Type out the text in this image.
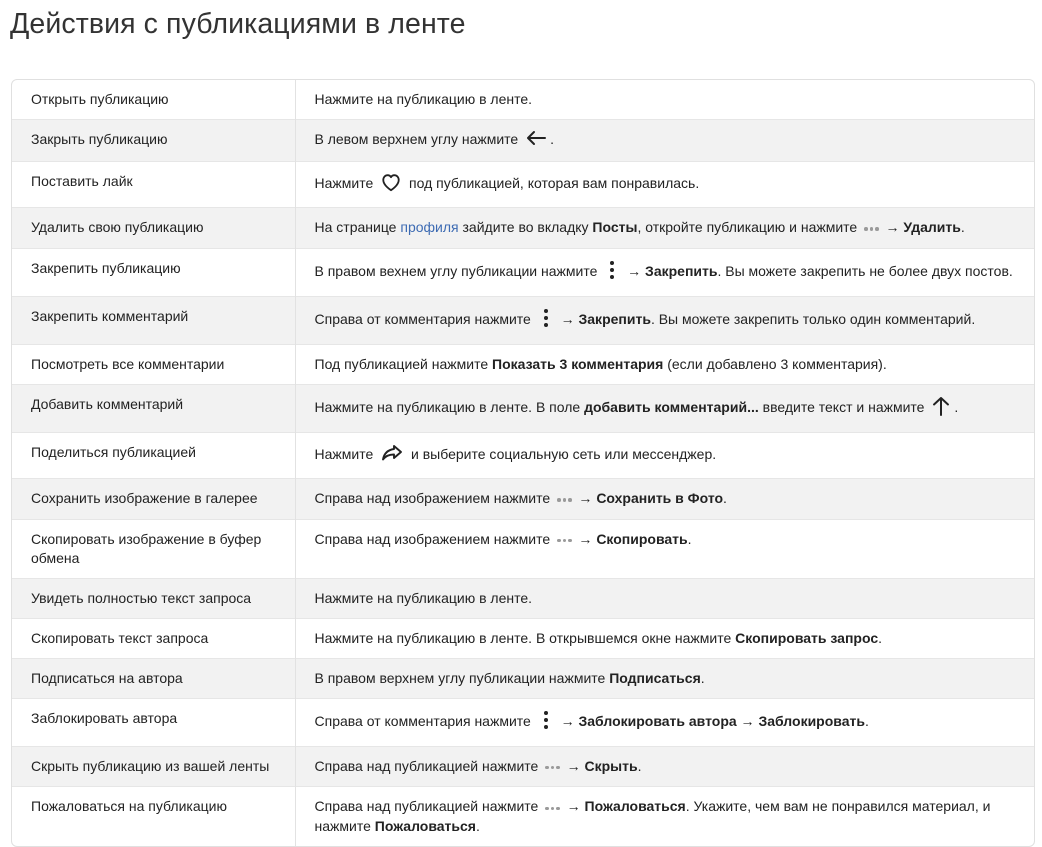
Действия с публикациями в ленте
Открыть публикацию	Нажмите на публикацию в ленте.
Закрыть публикацию	В левом верхнем углу нажмите .
Поставить лайк	Нажмите  под публикацией, которая вам понравилась.
Удалить свою публикацию	На странице профиля зайдите во вкладку Посты, откройте публикацию и нажмите  → Удалить.
Закрепить публикацию	В правом вехнем углу публикации нажмите  → Закрепить. Вы можете закрепить не более двух постов.
Закрепить комментарий	Справа от комментария нажмите  → Закрепить. Вы можете закрепить только один комментарий.
Посмотреть все комментарии	Под публикацией нажмите Показать 3 комментария (если добавлено 3 комментария).
Добавить комментарий	Нажмите на публикацию в ленте. В поле добавить комментарий... введите текст и нажмите .
Поделиться публикацией	Нажмите  и выберите социальную сеть или мессенджер.
Сохранить изображение в галерее	Справа над изображением нажмите  → Сохранить в Фото.
Скопировать изображение в буфер обмена	Справа над изображением нажмите  → Скопировать.
Увидеть полностью текст запроса	Нажмите на публикацию в ленте.
Скопировать текст запроса	Нажмите на публикацию в ленте. В открывшемся окне нажмите Скопировать запрос.
Подписаться на автора	В правом верхнем углу публикации нажмите Подписаться.
Заблокировать автора	Справа от комментария нажмите  → Заблокировать автора → Заблокировать.
Скрыть публикацию из вашей ленты	Справа над публикацией нажмите  → Скрыть.
Пожаловаться на публикацию	Справа над публикацией нажмите  → Пожаловаться. Укажите, чем вам не понравился материал, и нажмите Пожаловаться.
